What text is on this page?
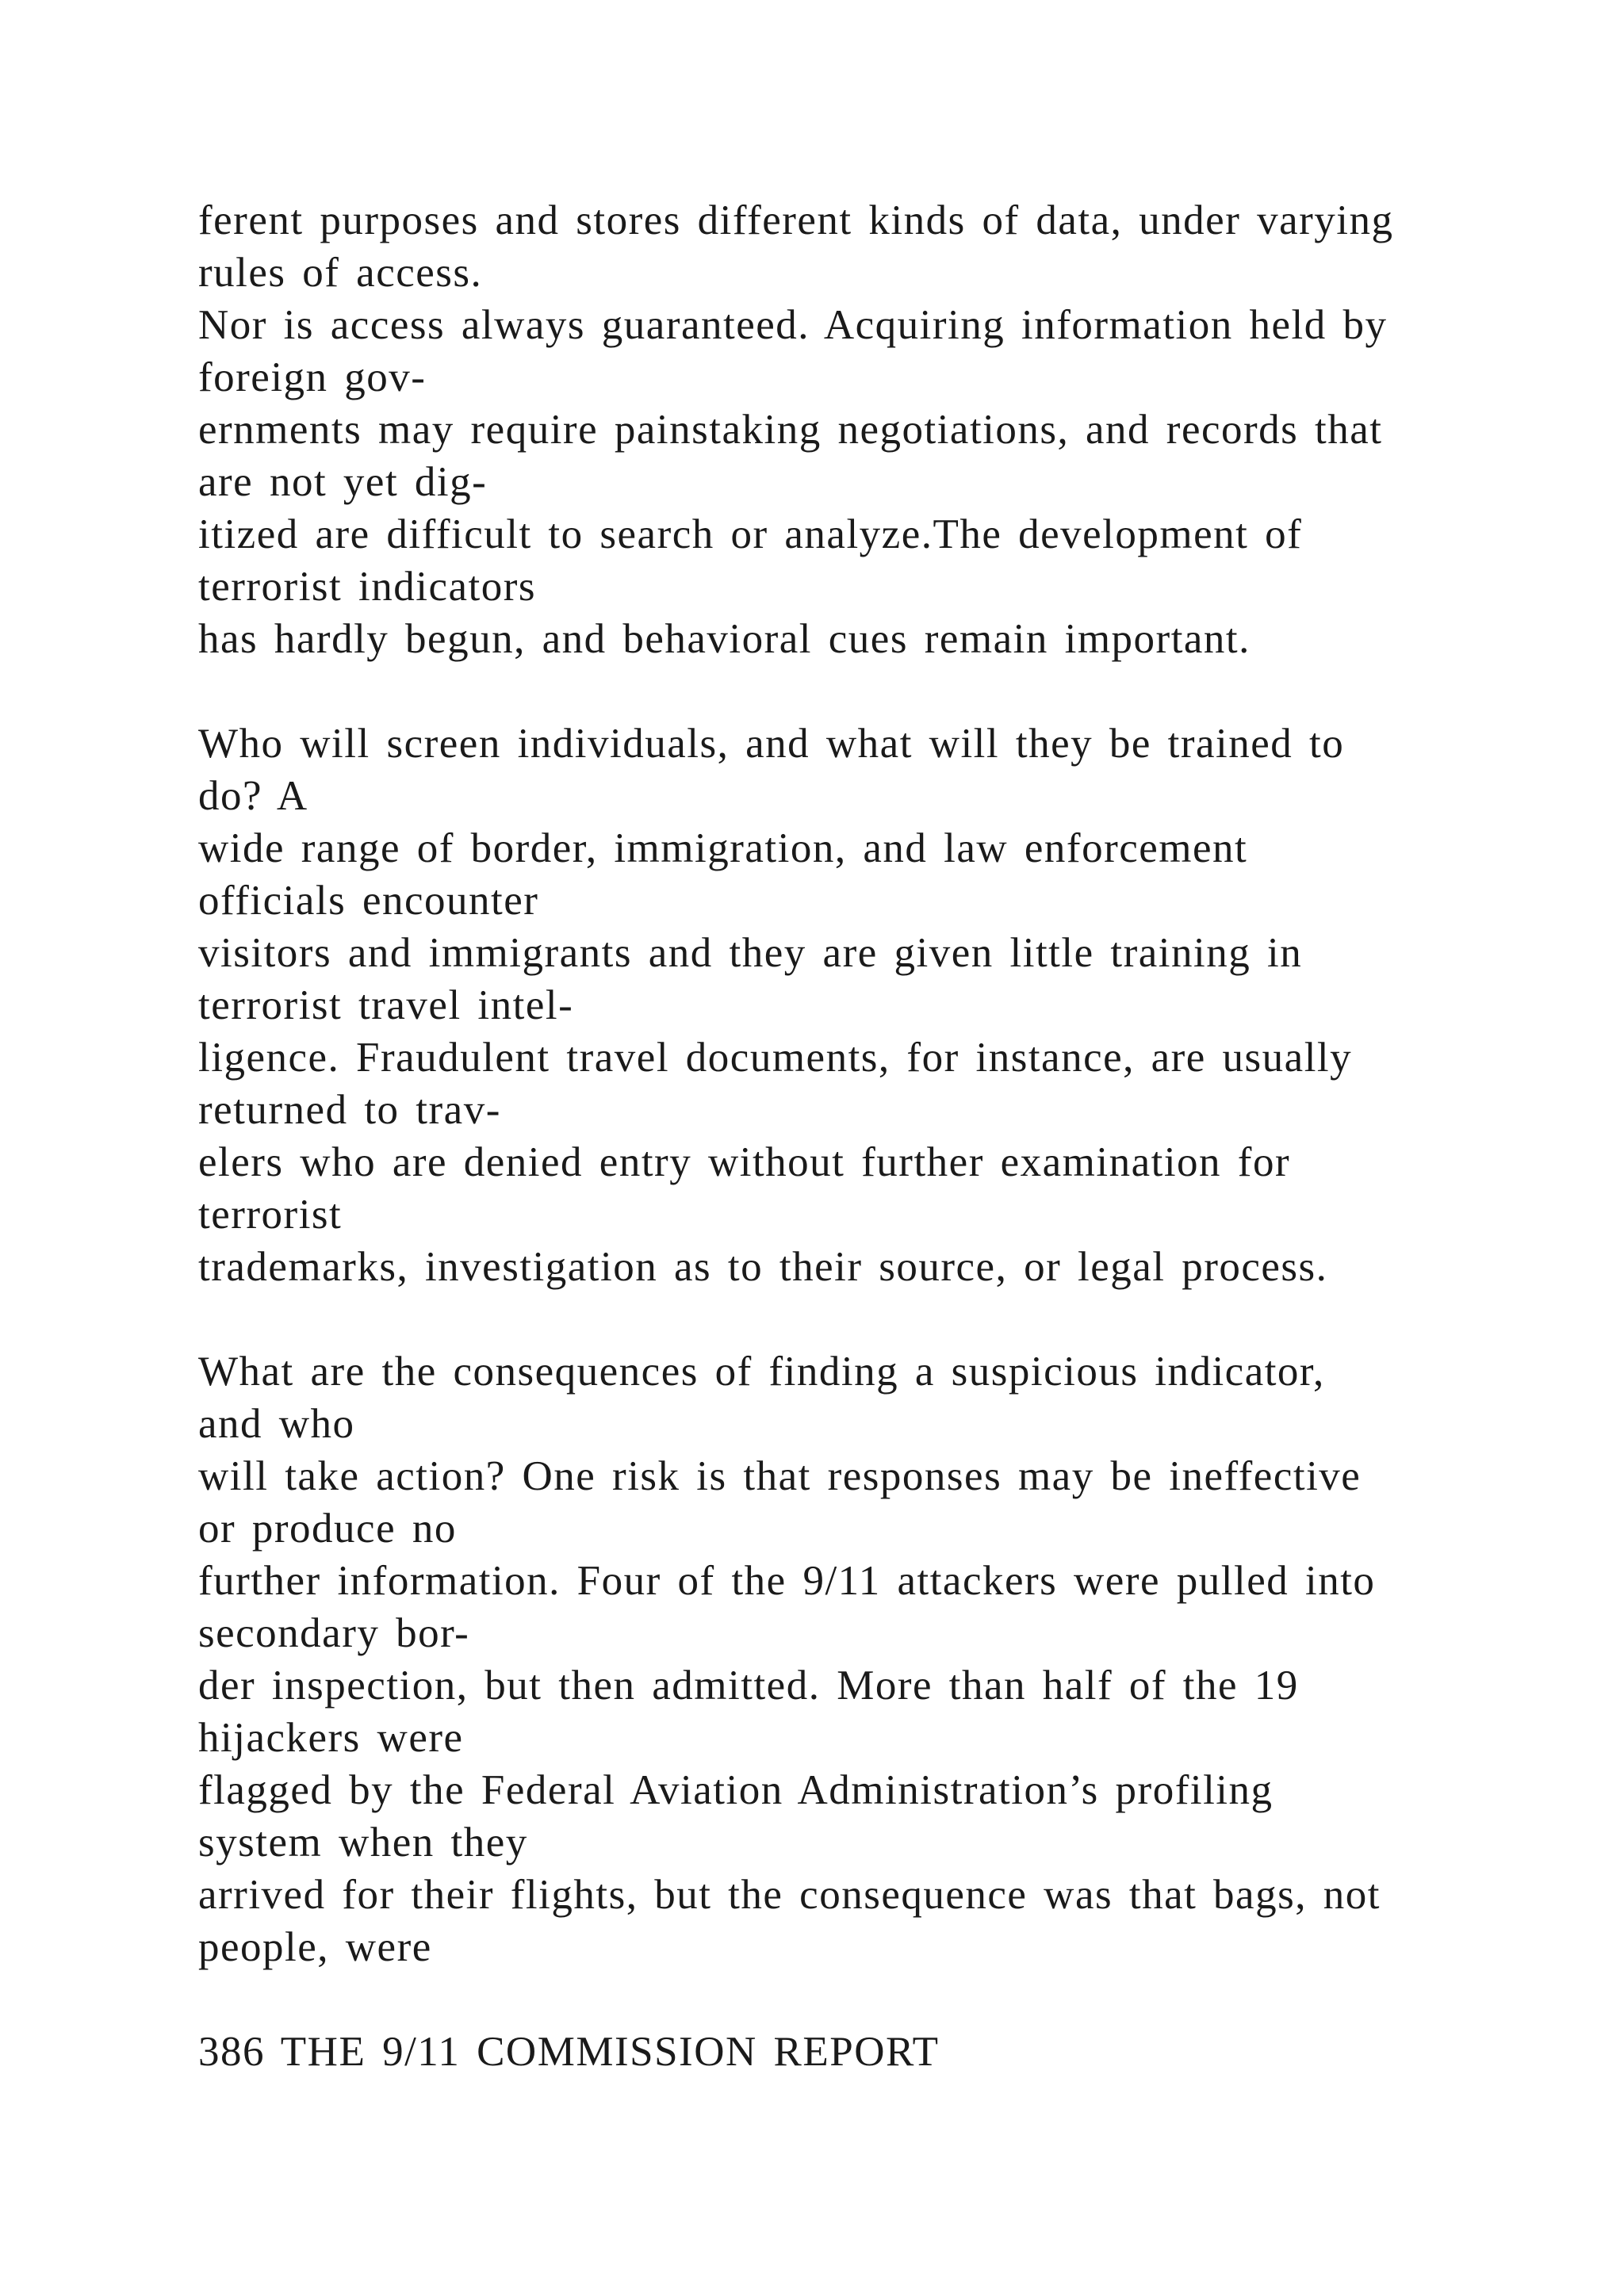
ferent purposes and stores different kinds of data, under varying
rules of access.
Nor is access always guaranteed. Acquiring information held by
foreign gov-
ernments may require painstaking negotiations, and records that
are not yet dig-
itized are difficult to search or analyze.The development of
terrorist indicators
has hardly begun, and behavioral cues remain important.
Who will screen individuals, and what will they be trained to
do? A
wide range of border, immigration, and law enforcement
officials encounter
visitors and immigrants and they are given little training in
terrorist travel intel-
ligence. Fraudulent travel documents, for instance, are usually
returned to trav-
elers who are denied entry without further examination for
terrorist
trademarks, investigation as to their source, or legal process.
What are the consequences of finding a suspicious indicator,
and who
will take action? One risk is that responses may be ineffective
or produce no
further information. Four of the 9/11 attackers were pulled into
secondary bor-
der inspection, but then admitted. More than half of the 19
hijackers were
flagged by the Federal Aviation Administration’s profiling
system when they
arrived for their flights, but the consequence was that bags, not
people, were
386 THE 9/11 COMMISSION REPORT
